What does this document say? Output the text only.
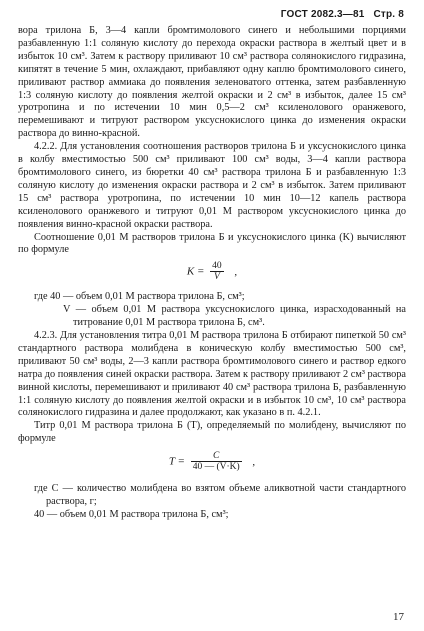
ГОСТ 2082.3—81 Стр. 8

вора трилона Б, 3—4 капли бромтимолового синего и небольшими порциями разбавленную 1:1 соляную кислоту до перехода окраски раствора в желтый цвет и в избыток 10 см³. Затем к раствору приливают 10 см³ раствора солянокислого гидразина, кипятят в течение 5 мин, охлаждают, прибавляют одну каплю бромтимолового синего, приливают раствор аммиака до появления зеленоватого оттенка, затем разбавленную 1:3 соляную кислоту до появления желтой окраски и 2 см³ в избыток, далее 15 см³ уротропина и по истечении 10 мин 0,5—2 см³ ксиленолового оранжевого, перемешивают и титруют раствором уксуснокислого цинка до изменения окраски раствора до винно-красной.

4.2.2. Для установления соотношения растворов трилона Б и уксуснокислого цинка в колбу вместимостью 500 см³ приливают 100 см³ воды, 3—4 капли раствора бромтимолового синего, из бюретки 40 см³ раствора трилона Б и разбавленную 1:3 соляную кислоту до изменения окраски раствора и 2 см³ в избыток. Затем приливают 15 см³ раствора уротропина, по истечении 10 мин 10—12 капель раствора ксиленолового оранжевого и титруют 0,01 М раствором уксуснокислого цинка до появления винно-красной окраски раствора.

Соотношение 0,01 М растворов трилона Б и уксуснокислого цинка (K) вычисляют по формуле

$K = \frac{40}{V}$ ,

где 40 — объем 0,01 М раствора трилона Б, см³;

V — объем 0,01 М раствора уксуснокислого цинка, израсходованный на титрование 0,01 М раствора трилона Б, см³.

4.2.3. Для установления титра 0,01 М раствора трилона Б отбирают пипеткой 50 см³ стандартного раствора молибдена в коническую колбу вместимостью 500 см³, приливают 50 см³ воды, 2—3 капли раствора бромтимолового синего и раствор едкого натра до появления синей окраски раствора. Затем к раствору приливают 2 см³ раствора винной кислоты, перемешивают и приливают 40 см³ раствора трилона Б, разбавленную 1:1 соляную кислоту до появления желтой окраски и в избыток 10 см³, 10 см³ раствора солянокислого гидразина и далее продолжают, как указано в п. 4.2.1.

Титр 0,01 М раствора трилона Б (T), определяемый по молибдену, вычисляют по формуле

$T = \frac{C}{40 — (V\cdot K)}$ ,

где C — количество молибдена во взятом объеме аликвотной части стандартного раствора, г;

40 — объем 0,01 М раствора трилона Б, см³;

17
